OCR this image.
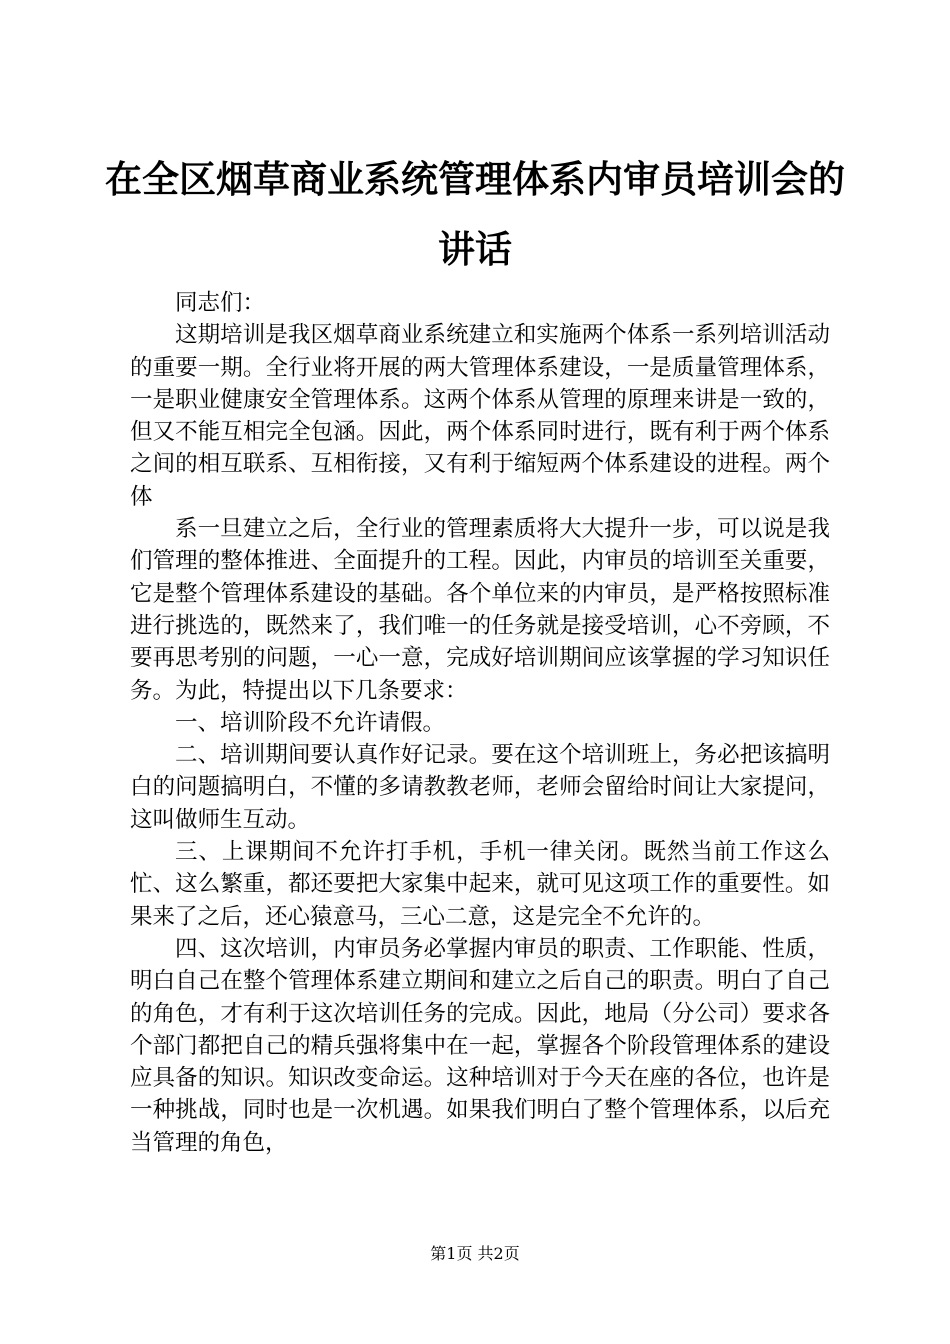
在全区烟草商业系统管理体系内审员培训会的讲话

同志们：

这期培训是我区烟草商业系统建立和实施两个体系一系列培训活动的重要一期。全行业将开展的两大管理体系建设，一是质量管理体系，一是职业健康安全管理体系。这两个体系从管理的原理来讲是一致的，但又不能互相完全包涵。因此，两个体系同时进行，既有利于两个体系之间的相互联系、互相衔接，又有利于缩短两个体系建设的进程。两个体

系一旦建立之后，全行业的管理素质将大大提升一步，可以说是我们管理的整体推进、全面提升的工程。因此，内审员的培训至关重要，它是整个管理体系建设的基础。各个单位来的内审员，是严格按照标准进行挑选的，既然来了，我们唯一的任务就是接受培训，心不旁顾，不要再思考别的问题，一心一意，完成好培训期间应该掌握的学习知识任务。为此，特提出以下几条要求：

一、培训阶段不允许请假。

二、培训期间要认真作好记录。要在这个培训班上，务必把该搞明白的问题搞明白，不懂的多请教教老师，老师会留给时间让大家提问，这叫做师生互动。

三、上课期间不允许打手机，手机一律关闭。既然当前工作这么忙、这么繁重，都还要把大家集中起来，就可见这项工作的重要性。如果来了之后，还心猿意马，三心二意，这是完全不允许的。

四、这次培训，内审员务必掌握内审员的职责、工作职能、性质，明白自己在整个管理体系建立期间和建立之后自己的职责。明白了自己的角色，才有利于这次培训任务的完成。因此，地局（分公司）要求各个部门都把自己的精兵强将集中在一起，掌握各个阶段管理体系的建设应具备的知识。知识改变命运。这种培训对于今天在座的各位，也许是一种挑战，同时也是一次机遇。如果我们明白了整个管理体系，以后充当管理的角色，

第1页 共2页
